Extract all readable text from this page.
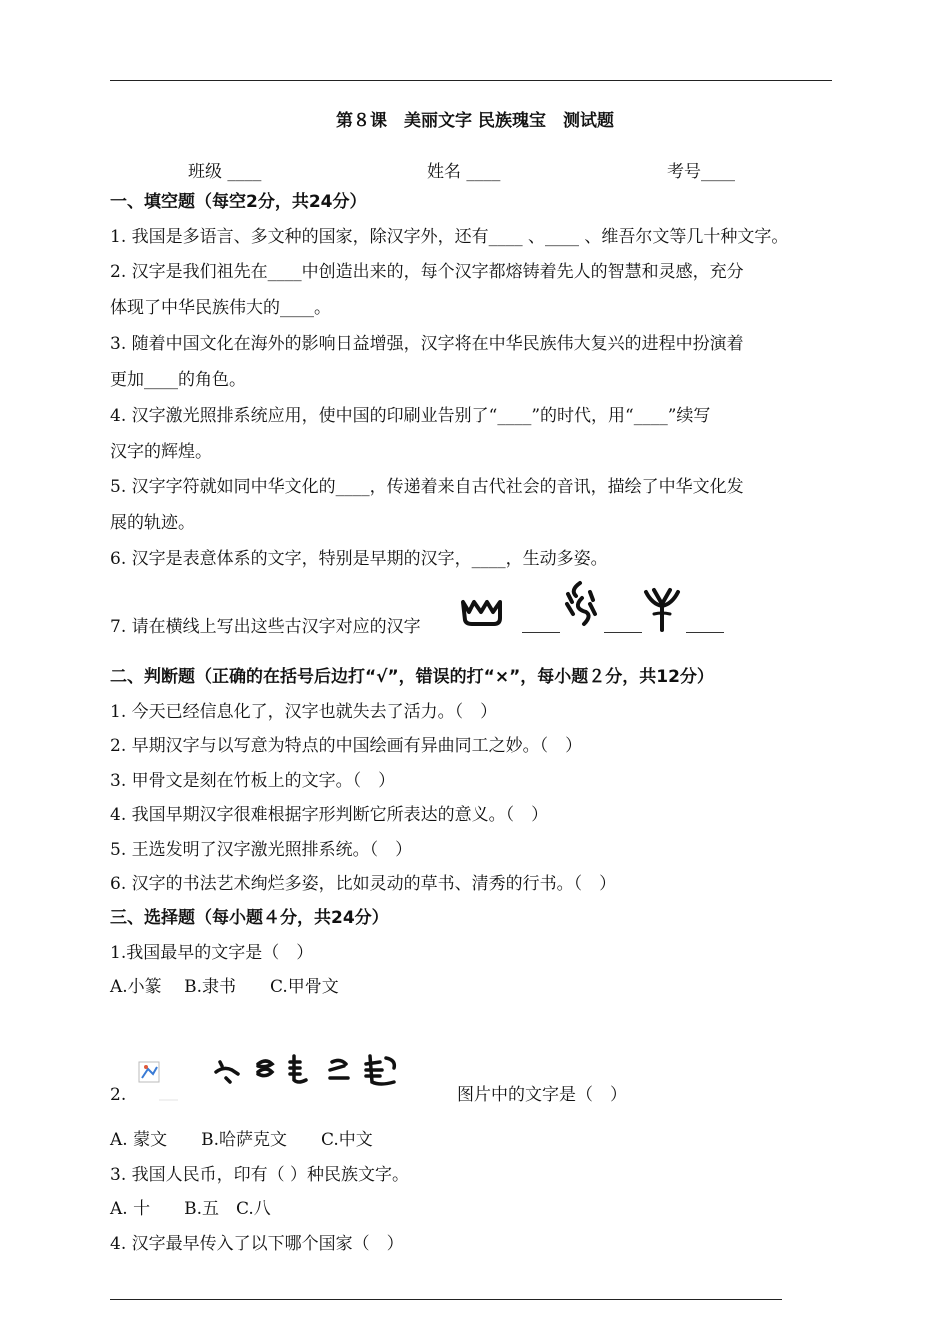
第８课　美丽文字 民族瑰宝　测试题
班级 ____	姓名 ____	考号____
一、填空题（每空2分，共24分）
1. 我国是多语言、多文种的国家，除汉字外，还有____ 、____ 、维吾尔文等几十种文字。
2. 汉字是我们祖先在____中创造出来的，每个汉字都熔铸着先人的智慧和灵感，充分
体现了中华民族伟大的____。
3. 随着中国文化在海外的影响日益增强，汉字将在中华民族伟大复兴的进程中扮演着
更加____的角色。
4. 汉字激光照排系统应用，使中国的印刷业告别了“____”的时代，用“____”续写
汉字的辉煌。
5. 汉字字符就如同中华文化的____，传递着来自古代社会的音讯，描绘了中华文化发
展的轨迹。
6. 汉字是表意体系的文字，特别是早期的汉字，____，生动多姿。
7. 请在横线上写出这些古汉字对应的汉字
二、判断题（正确的在括号后边打“√”，错误的打“×”，每小题２分，共12分）
1. 今天已经信息化了，汉字也就失去了活力。（　）
2. 早期汉字与以写意为特点的中国绘画有异曲同工之妙。（　）
3. 甲骨文是刻在竹板上的文字。（　）
4. 我国早期汉字很难根据字形判断它所表达的意义。（　）
5. 王选发明了汉字激光照排系统。（　）
6. 汉字的书法艺术绚烂多姿，比如灵动的草书、清秀的行书。（　）
三、选择题（每小题４分，共24分）
1.我国最早的文字是（　）
A.小篆　 B.隶书　　C.甲骨文
2.	图片中的文字是（　）
A. 蒙文　　B.哈萨克文　　C.中文
3. 我国人民币，印有（ ）种民族文字。
A. 十　　B.五　C.八
4. 汉字最早传入了以下哪个国家（　）
